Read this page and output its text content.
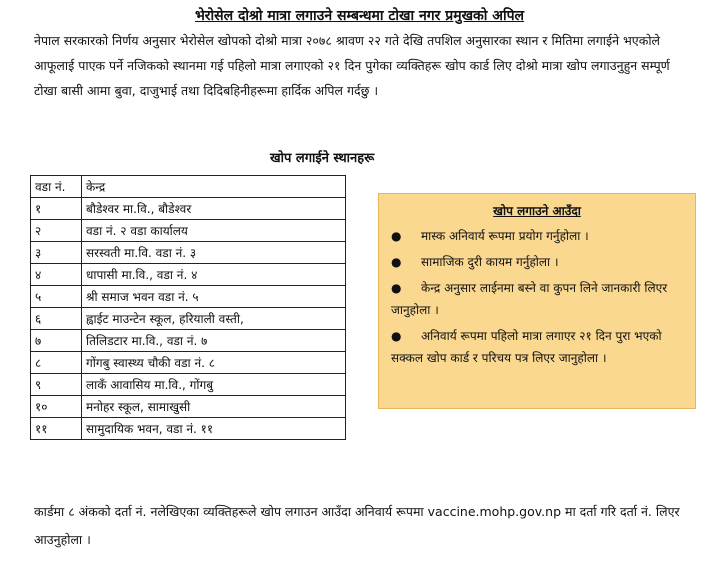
भेरोसेल दोश्रो मात्रा लगाउने सम्बन्धमा टोखा नगर प्रमुखको अपिल
नेपाल सरकारको निर्णय अनुसार भेरोसेल खोपको दोश्रो मात्रा २०७८ श्रावण २२ गते देखि तपशिल अनुसारका स्थान र मितिमा लगाईने भएकोले आफूलाई पाएक पर्ने नजिकको स्थानमा गई पहिलो मात्रा लगाएको २१ दिन पुगेका व्यक्तिहरू खोप कार्ड लिए दोश्रो मात्रा खोप लगाउनुहुन सम्पूर्ण टोखा बासी आमा बुवा, दाजुभाई तथा दिदिबहिनीहरूमा हार्दिक अपिल गर्दछु ।
खोप लगाईने स्थानहरू
वडा नं.	केन्द्र
१	बौडेश्वर मा.वि., बौडेश्वर
२	वडा नं. २ वडा कार्यालय
३	सरस्वती मा.वि. वडा नं. ३
४	धापासी मा.वि., वडा नं. ४
५	श्री समाज भवन वडा नं. ५
६	ह्वाईट माउन्टेन स्कूल, हरियाली वस्ती,
७	तिलिडटार मा.वि., वडा नं. ७
८	गोंगबु स्वास्थ्य चौकी वडा नं. ८
९	लाकँ आवासिय मा.वि., गोंगबु
१०	मनोहर स्कूल, सामाखुसी
११	सामुदायिक भवन, वडा नं. ११
खोप लगाउने आउँदा
● मास्क अनिवार्य रूपमा प्रयोग गर्नुहोला ।
● सामाजिक दुरी कायम गर्नुहोला ।
● केन्द्र अनुसार लाईनमा बस्ने वा कुपन लिने जानकारी लिएर जानुहोला ।
● अनिवार्य रूपमा पहिलो मात्रा लगाएर २१ दिन पुरा भएको सक्कल खोप कार्ड र परिचय पत्र लिएर जानुहोला ।
कार्डमा ८ अंकको दर्ता नं. नलेखिएका व्यक्तिहरूले खोप लगाउन आउँदा अनिवार्य रूपमा vaccine.mohp.gov.np मा दर्ता गरि दर्ता नं. लिएर आउनुहोला ।
